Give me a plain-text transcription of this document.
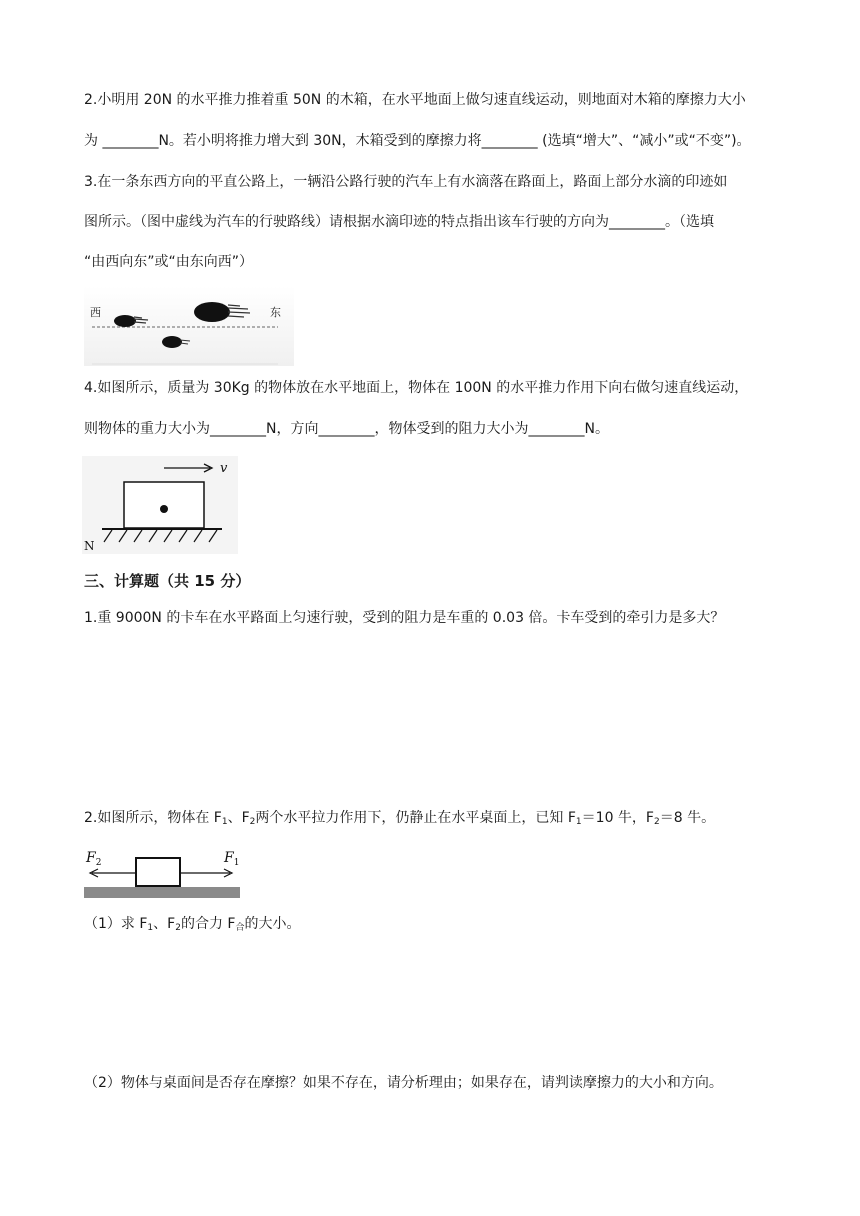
2.小明用 20N 的水平推力推着重 50N 的木箱，在水平地面上做匀速直线运动，则地面对木箱的摩擦力大小
为 ________N。若小明将推力增大到 30N，木箱受到的摩擦力将________ (选填“增大”、“减小”或“不变”)。
3.在一条东西方向的平直公路上，一辆沿公路行驶的汽车上有水滴落在路面上，路面上部分水滴的印迹如
图所示。（图中虚线为汽车的行驶路线）请根据水滴印迹的特点指出该车行驶的方向为________。（选填
“由西向东”或“由东向西”）
西	东
4.如图所示，质量为 30Kg 的物体放在水平地面上，物体在 100N 的水平推力作用下向右做匀速直线运动，
则物体的重力大小为________N，方向________，物体受到的阻力大小为________N。
v
N
三、计算题（共 15 分）
1.重 9000N 的卡车在水平路面上匀速行驶，受到的阻力是车重的 0.03 倍。卡车受到的牵引力是多大？
2.如图所示，物体在 $F_1$、$F_2$两个水平拉力作用下，仍静止在水平桌面上，已知 $F_1=10$ 牛，$F_2=8$ 牛。
$F_2$	$F_1$
（1）求 $F_1$、$F_2$的合力 $F_合$的大小。
（2）物体与桌面间是否存在摩擦？如果不存在，请分析理由；如果存在，请判读摩擦力的大小和方向。
